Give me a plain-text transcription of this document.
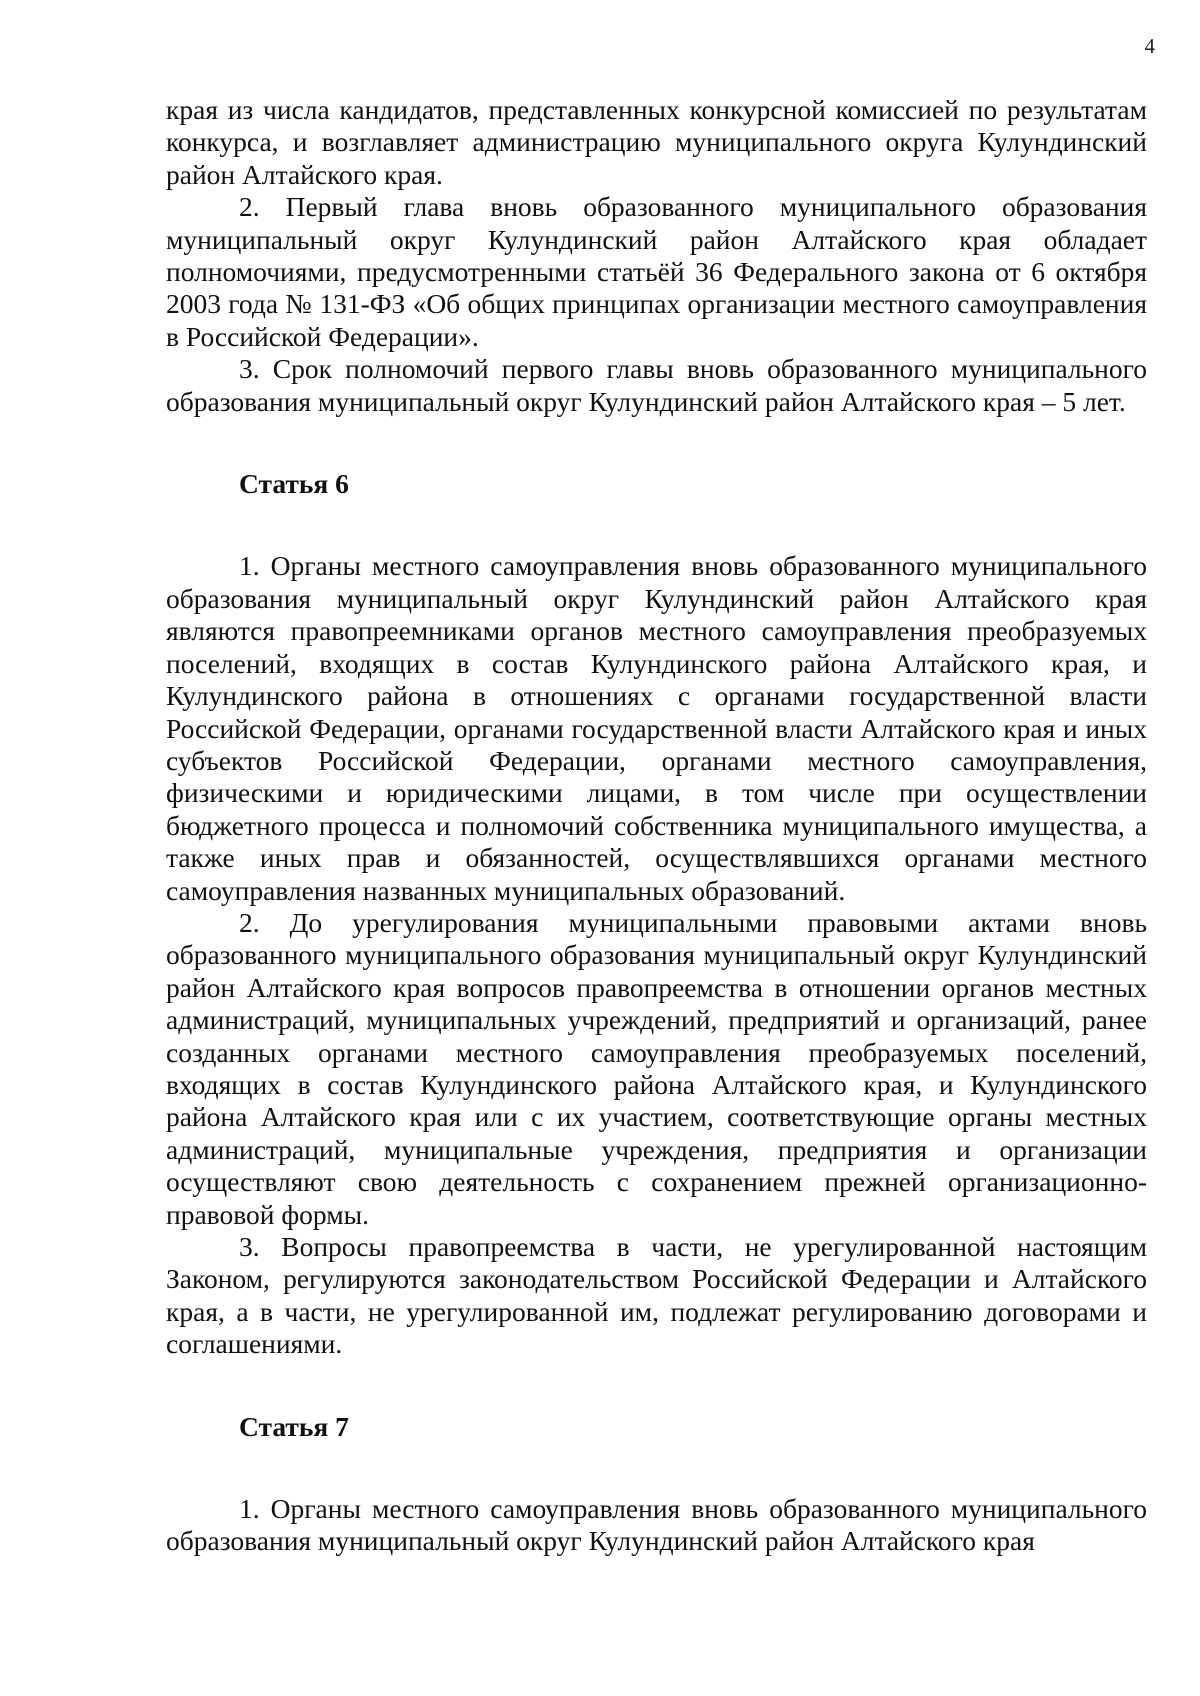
4

края из числа кандидатов, представленных конкурсной комиссией по результатам конкурса, и возглавляет администрацию муниципального округа Кулундинский район Алтайского края.

2. Первый глава вновь образованного муниципального образования муниципальный округ Кулундинский район Алтайского края обладает полномочиями, предусмотренными статьёй 36 Федерального закона от 6 октября 2003 года № 131-ФЗ «Об общих принципах организации местного самоуправления в Российской Федерации».

3. Срок полномочий первого главы вновь образованного муниципального образования муниципальный округ Кулундинский район Алтайского края – 5 лет.

Статья 6

1. Органы местного самоуправления вновь образованного муниципального образования муниципальный округ Кулундинский район Алтайского края являются правопреемниками органов местного самоуправления преобразуемых поселений, входящих в состав Кулундинского района Алтайского края, и Кулундинского района в отношениях с органами государственной власти Российской Федерации, органами государственной власти Алтайского края и иных субъектов Российской Федерации, органами местного самоуправления, физическими и юридическими лицами, в том числе при осуществлении бюджетного процесса и полномочий собственника муниципального имущества, а также иных прав и обязанностей, осуществлявшихся органами местного самоуправления названных муниципальных образований.

2. До урегулирования муниципальными правовыми актами вновь образованного муниципального образования муниципальный округ Кулундинский район Алтайского края вопросов правопреемства в отношении органов местных администраций, муниципальных учреждений, предприятий и организаций, ранее созданных органами местного самоуправления преобразуемых поселений, входящих в состав Кулундинского района Алтайского края, и Кулундинского района Алтайского края или с их участием, соответствующие органы местных администраций, муниципальные учреждения, предприятия и организации осуществляют свою деятельность с сохранением прежней организационно-правовой формы.

3. Вопросы правопреемства в части, не урегулированной настоящим Законом, регулируются законодательством Российской Федерации и Алтайского края, а в части, не урегулированной им, подлежат регулированию договорами и соглашениями.

Статья 7

1. Органы местного самоуправления вновь образованного муниципального образования муниципальный округ Кулундинский район Алтайского края
